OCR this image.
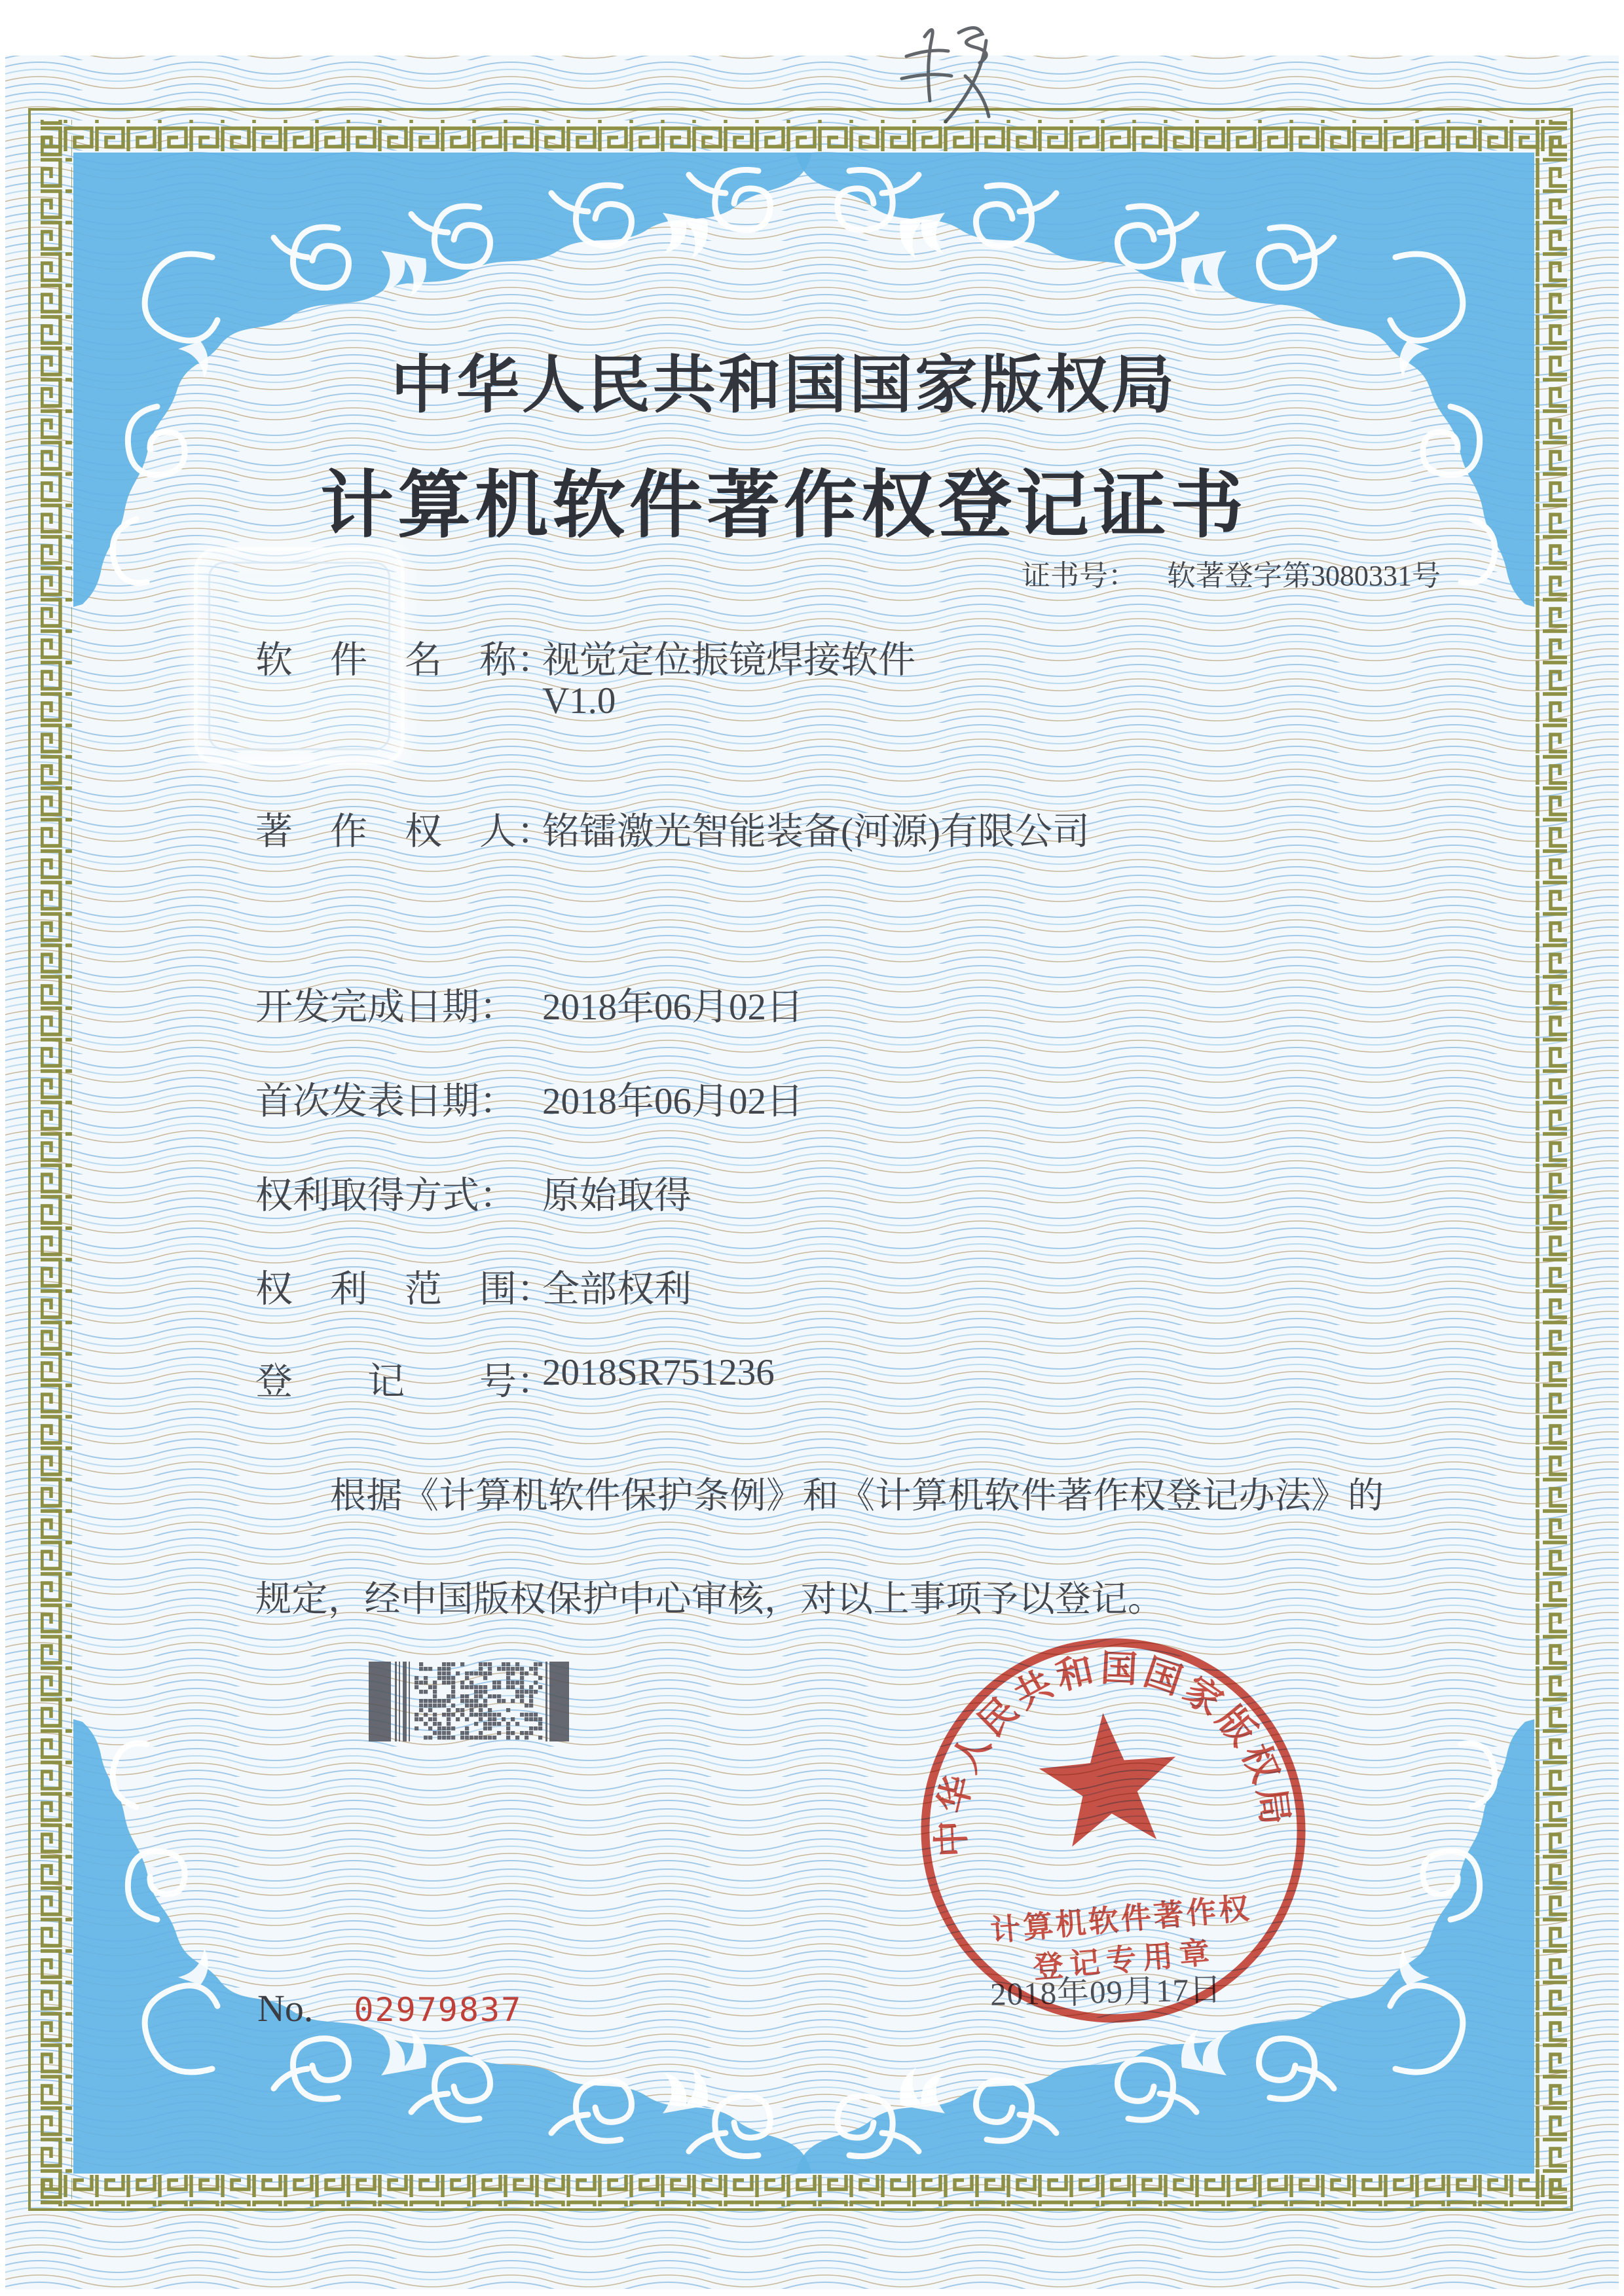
中华人民共和国国家版权局
计算机软件著作权登记证书
证书号： 软著登字第3080331号
软　件　名　称：
视觉定位振镜焊接软件
V1.0
著　作　权　人：
铭镭激光智能装备(河源)有限公司
开发完成日期： 2018年06月02日
首次发表日期： 2018年06月02日
权利取得方式： 原始取得
权　利　范　围：
全部权利
登　　记　　号：
2018SR751236
根据《计算机软件保护条例》和《计算机软件著作权登记办法》的
规定，经中国版权保护中心审核，对以上事项予以登记。
2018年09月17日
中华人民共和国国家版权局
计算机软件著作权
登记专用章
No. 02979837
